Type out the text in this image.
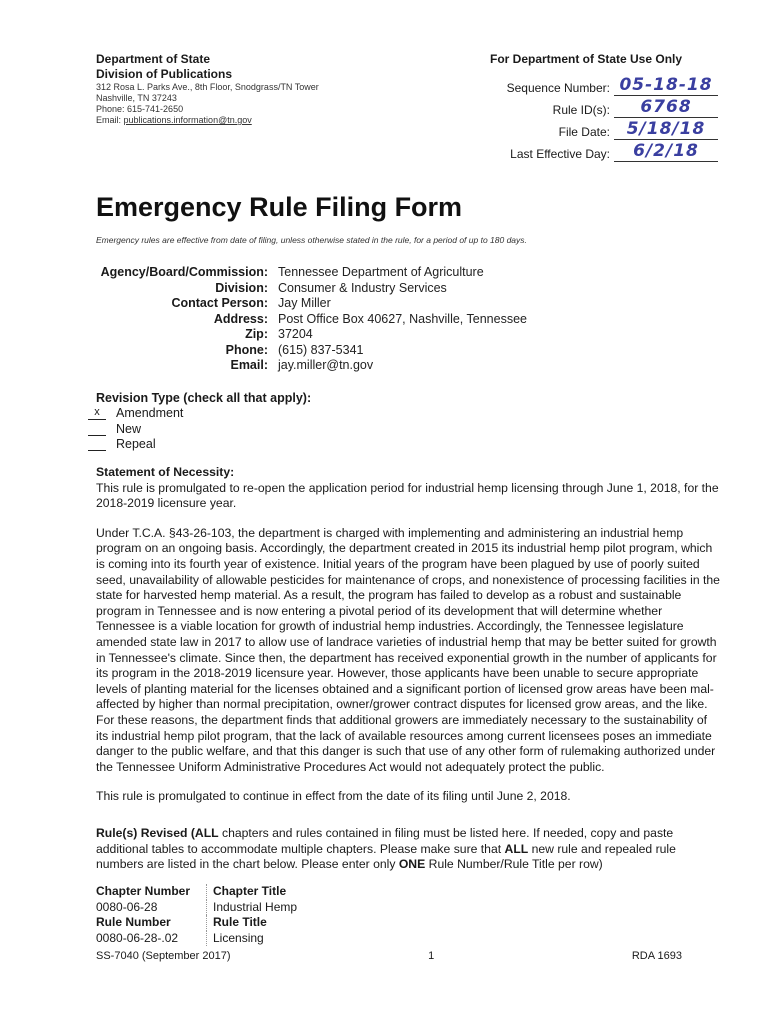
Department of State
Division of Publications
312 Rosa L. Parks Ave., 8th Floor, Snodgrass/TN Tower
Nashville, TN 37243
Phone: 615-741-2650
Email: publications.information@tn.gov
For Department of State Use Only
Sequence Number: 05-18-18
Rule ID(s):	6768
File Date: 5/18/18
Last Effective Day:	6/2/18
Emergency Rule Filing Form
Emergency rules are effective from date of filing, unless otherwise stated in the rule, for a period of up to 180 days.
Agency/Board/Commission: Tennessee Department of Agriculture
Division: Consumer & Industry Services
Contact Person: Jay Miller
Address: Post Office Box 40627, Nashville, Tennessee
Zip: 37204
Phone: (615) 837-5341
Email: jay.miller@tn.gov
Revision Type (check all that apply):
x	Amendment
New
Repeal
Statement of Necessity:

This rule is promulgated to re-open the application period for industrial hemp licensing through June 1, 2018, for the 2018-2019 licensure year.

Under T.C.A. §43-26-103, the department is charged with implementing and administering an industrial hemp program on an ongoing basis. Accordingly, the department created in 2015 its industrial hemp pilot program, which is coming into its fourth year of existence. Initial years of the program have been plagued by use of poorly suited seed, unavailability of allowable pesticides for maintenance of crops, and nonexistence of processing facilities in the state for harvested hemp material. As a result, the program has failed to develop as a robust and sustainable program in Tennessee and is now entering a pivotal period of its development that will determine whether Tennessee is a viable location for growth of industrial hemp industries. Accordingly, the Tennessee legislature amended state law in 2017 to allow use of landrace varieties of industrial hemp that may be better suited for growth in Tennessee's climate. Since then, the department has received exponential growth in the number of applicants for its program in the 2018-2019 licensure year. However, those applicants have been unable to secure appropriate levels of planting material for the licenses obtained and a significant portion of licensed grow areas have been mal-affected by higher than normal precipitation, owner/grower contract disputes for licensed grow areas, and the like. For these reasons, the department finds that additional growers are immediately necessary to the sustainability of its industrial hemp pilot program, that the lack of available resources among current licensees poses an immediate danger to the public welfare, and that this danger is such that use of any other form of rulemaking authorized under the Tennessee Uniform Administrative Procedures Act would not adequately protect the public.

This rule is promulgated to continue in effect from the date of its filing until June 2, 2018.

Rule(s) Revised (ALL chapters and rules contained in filing must be listed here. If needed, copy and paste additional tables to accommodate multiple chapters. Please make sure that ALL new rule and repealed rule numbers are listed in the chart below. Please enter only ONE Rule Number/Rule Title per row)
Chapter Number	Chapter Title
0080-06-28	Industrial Hemp
Rule Number	Rule Title
0080-06-28-.02	Licensing
SS-7040 (September 2017)	1	RDA 1693
